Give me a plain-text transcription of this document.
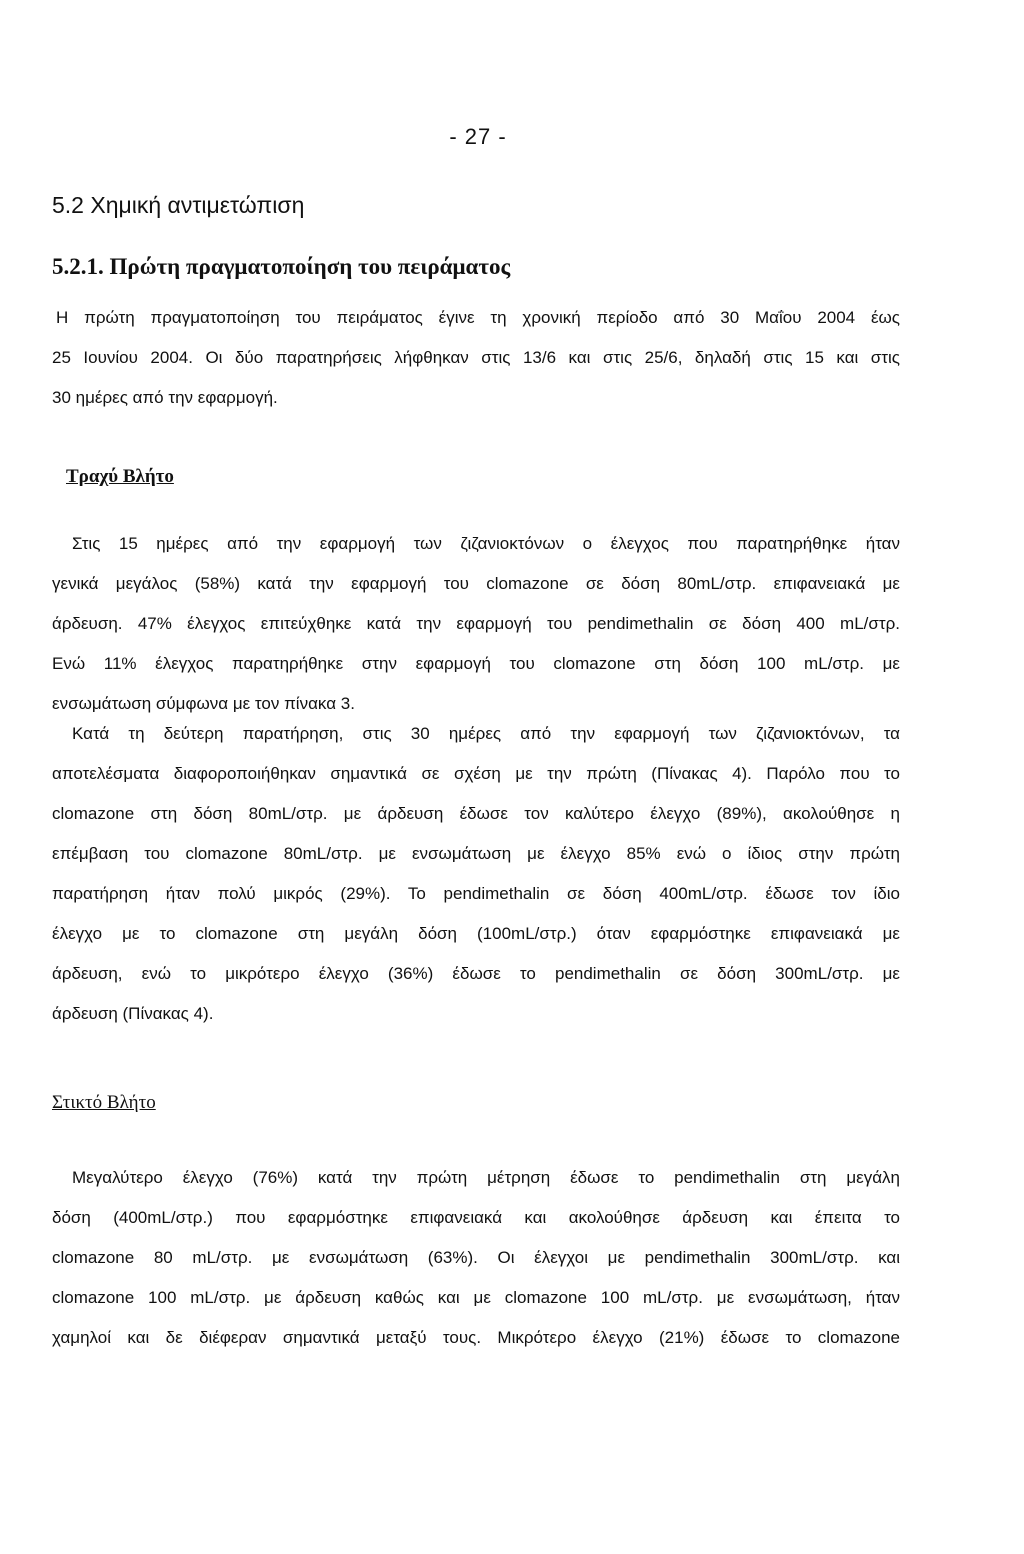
- 27 -
5.2 Χημική αντιμετώπιση
5.2.1. Πρώτη πραγματοποίηση του πειράματος
Η πρώτη πραγματοποίηση του πειράματος έγινε τη χρονική περίοδο από 30 Μαΐου 2004 έως
25 Ιουνίου 2004. Οι δύο παρατηρήσεις λήφθηκαν στις 13/6 και στις 25/6, δηλαδή στις 15 και στις
30 ημέρες από την εφαρμογή.
Τραχύ Βλήτο
Στις 15 ημέρες από την εφαρμογή των ζιζανιοκτόνων ο έλεγχος που παρατηρήθηκε ήταν
γενικά μεγάλος (58%) κατά την εφαρμογή του clomazone σε δόση 80mL/στρ. επιφανειακά με
άρδευση. 47% έλεγχος επιτεύχθηκε κατά την εφαρμογή του pendimethalin σε δόση 400 mL/στρ.
Ενώ 11% έλεγχος παρατηρήθηκε στην εφαρμογή του clomazone στη δόση 100 mL/στρ. με
ενσωμάτωση σύμφωνα με τον πίνακα 3.
Κατά τη δεύτερη παρατήρηση, στις 30 ημέρες από την εφαρμογή των ζιζανιοκτόνων, τα
αποτελέσματα διαφοροποιήθηκαν σημαντικά σε σχέση με την πρώτη (Πίνακας 4). Παρόλο που το
clomazone στη δόση 80mL/στρ. με άρδευση έδωσε τον καλύτερο έλεγχο (89%), ακολούθησε η
επέμβαση του clomazone 80mL/στρ. με ενσωμάτωση με έλεγχο 85% ενώ ο ίδιος στην πρώτη
παρατήρηση ήταν πολύ μικρός (29%). Το pendimethalin σε δόση 400mL/στρ. έδωσε τον ίδιο
έλεγχο με το clomazone στη μεγάλη δόση (100mL/στρ.) όταν εφαρμόστηκε επιφανειακά με
άρδευση, ενώ το μικρότερο έλεγχο (36%) έδωσε το pendimethalin σε δόση 300mL/στρ. με
άρδευση (Πίνακας 4).
Στικτό Βλήτο
Μεγαλύτερο έλεγχο (76%) κατά την πρώτη μέτρηση έδωσε το pendimethalin στη μεγάλη
δόση (400mL/στρ.) που εφαρμόστηκε επιφανειακά και ακολούθησε άρδευση και έπειτα το
clomazone 80 mL/στρ. με ενσωμάτωση (63%). Οι έλεγχοι με pendimethalin 300mL/στρ. και
clomazone 100 mL/στρ. με άρδευση καθώς και με clomazone 100 mL/στρ. με ενσωμάτωση, ήταν
χαμηλοί και δε διέφεραν σημαντικά μεταξύ τους. Μικρότερο έλεγχο (21%) έδωσε το clomazone
